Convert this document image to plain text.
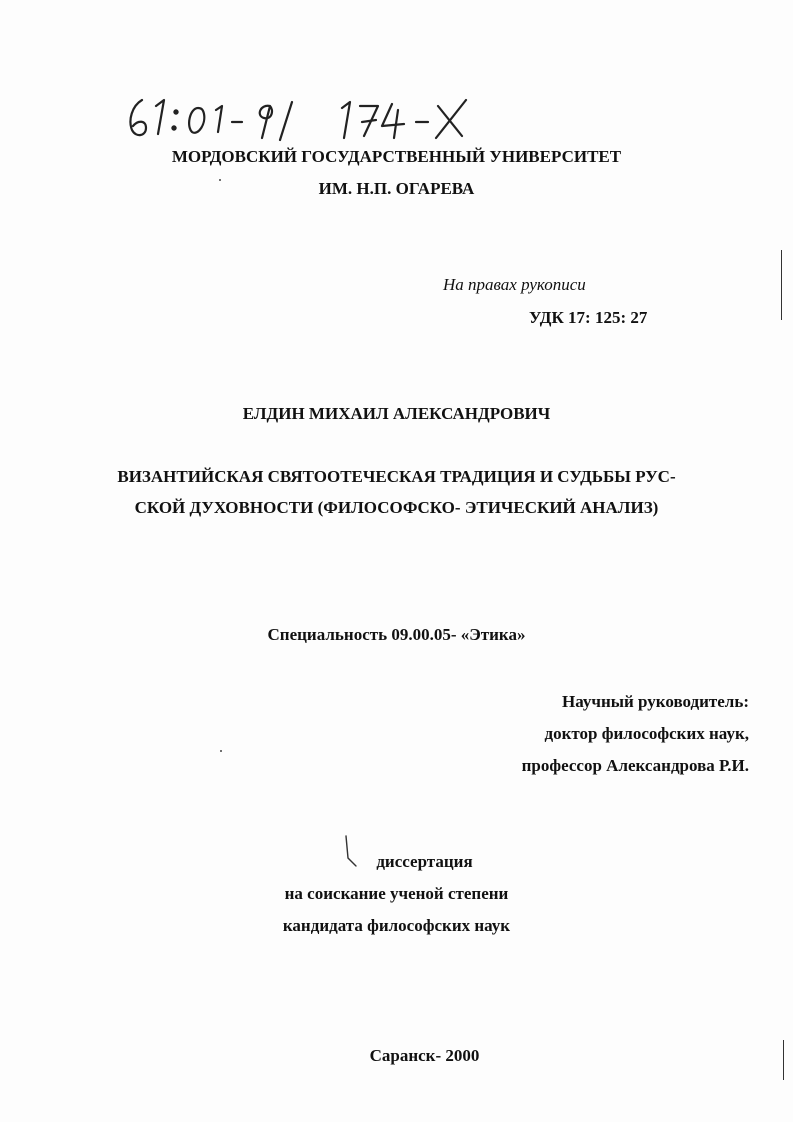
МОРДОВСКИЙ ГОСУДАРСТВЕННЫЙ УНИВЕРСИТЕТ
ИМ. Н.П. ОГАРЕВА
На правах рукописи
УДК 17: 125: 27
ЕЛДИН МИХАИЛ АЛЕКСАНДРОВИЧ
ВИЗАНТИЙСКАЯ СВЯТООТЕЧЕСКАЯ ТРАДИЦИЯ И СУДЬБЫ РУС-
СКОЙ ДУХОВНОСТИ (ФИЛОСОФСКО- ЭТИЧЕСКИЙ АНАЛИЗ)
Специальность 09.00.05- «Этика»
Научный руководитель:
доктор философских наук,
профессор Александрова Р.И.
диссертация
на соискание ученой степени
кандидата философских наук
Саранск- 2000
